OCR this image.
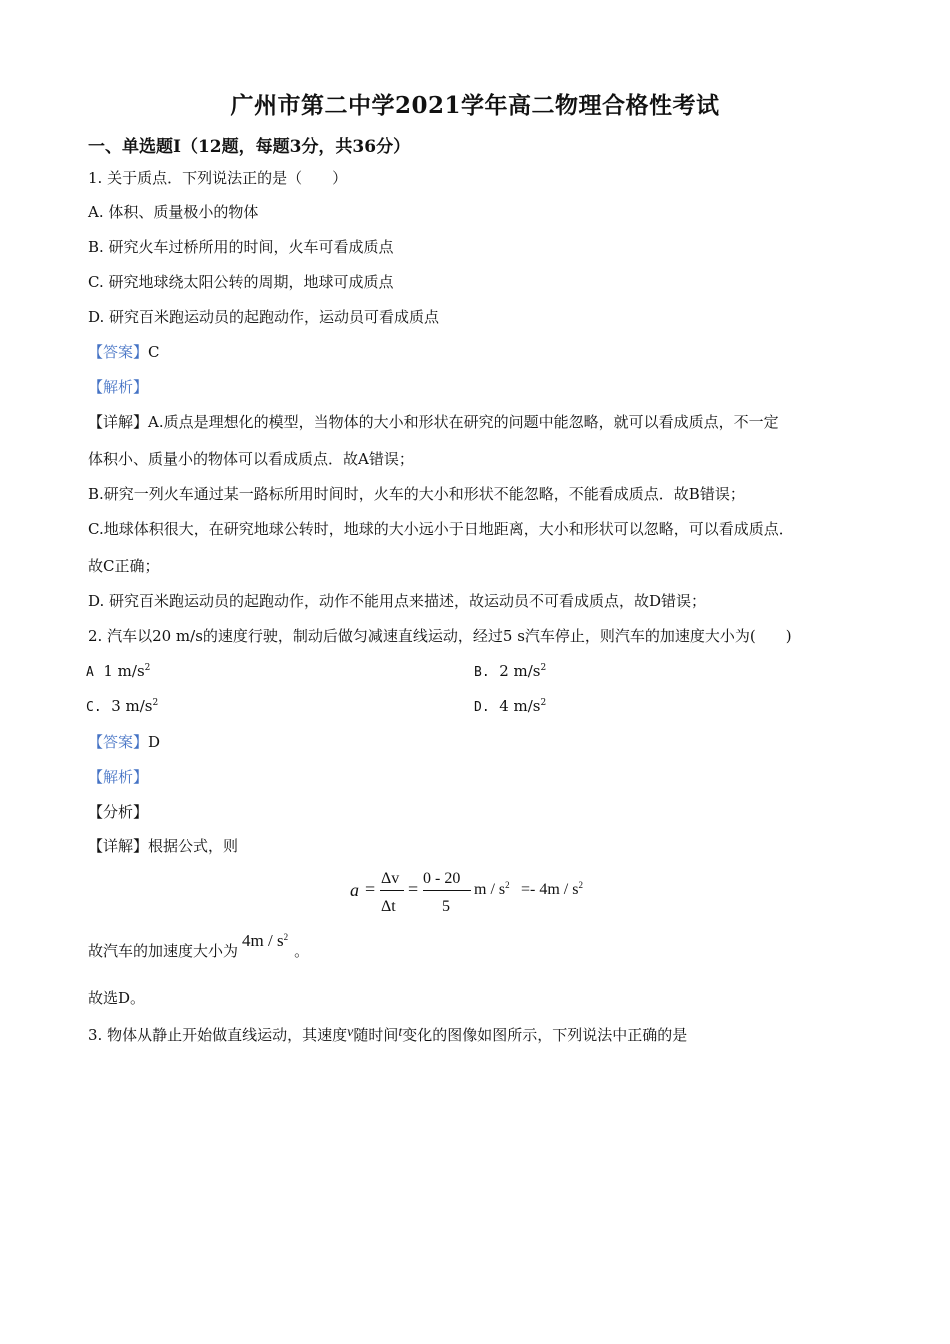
广州市第二中学2021学年高二物理合格性考试
一、单选题I（12题，每题3分，共36分）
1. 关于质点．下列说法正的是（　　）
A. 体积、质量极小的物体
B. 研究火车过桥所用的时间，火车可看成质点
C. 研究地球绕太阳公转的周期，地球可成质点
D. 研究百米跑运动员的起跑动作，运动员可看成质点
【答案】C
【解析】
【详解】A.质点是理想化的模型，当物体的大小和形状在研究的问题中能忽略，就可以看成质点，不一定
体积小、质量小的物体可以看成质点．故A错误；
B.研究一列火车通过某一路标所用时间时，火车的大小和形状不能忽略，不能看成质点．故B错误；
C.地球体积很大，在研究地球公转时，地球的大小远小于日地距离，大小和形状可以忽略，可以看成质点．
故C正确；
D. 研究百米跑运动员的起跑动作，动作不能用点来描述，故运动员不可看成质点，故D错误；
2. 汽车以20 m/s的速度行驶，制动后做匀减速直线运动，经过5 s汽车停止，则汽车的加速度大小为(　　)
A 1 $m/s^2$	B. 2 $m/s^2$
C. 3 $m/s^2$	D. 4 $m/s^2$
【答案】D
【解析】
【分析】
【详解】根据公式，则
a =
Δv
Δt
=
0 - 20
5
$m / s^2 =- 4m / s^2$
故汽车的加速度大小为$4m / s^2$。
故选D。
3. 物体从静止开始做直线运动，其速度v随时间t变化的图像如图所示，下列说法中正确的是
